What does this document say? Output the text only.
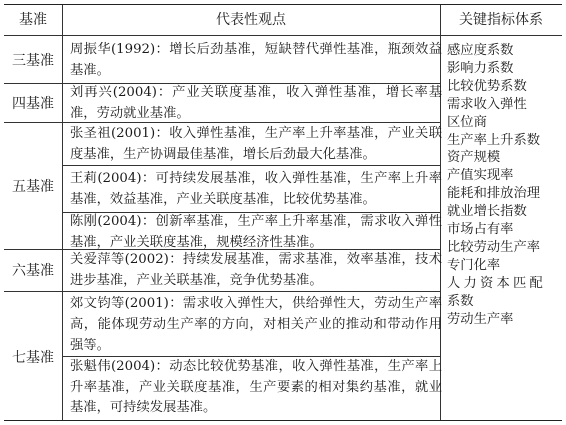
基准	代表性观点	关键指标体系
三基准
四基准
五基准
六基准
七基准
周振华(1992)：增长后劲基准，短缺替代弹性基准，瓶颈效益基准。
刘再兴(2004)：产业关联度基准，收入弹性基准，增长率基准，劳动就业基准。
张圣祖(2001)：收入弹性基准，生产率上升率基准，产业关联度基准，生产协调最佳基准，增长后劲最大化基准。
王莉(2004)：可持续发展基准，收入弹性基准，生产率上升率基准，效益基准，产业关联度基准，比较优势基准。
陈刚(2004)：创新率基准，生产率上升率基准，需求收入弹性基准，产业关联度基准，规模经济性基准。
关爱萍等(2002)：持续发展基准，需求基准，效率基准，技术进步基准，产业关联基准，竞争优势基准。
郊文钧等(2001)：需求收入弹性大，供给弹性大，劳动生产率高，能体现劳动生产率的方向，对相关产业的推动和带动作用强等。
张魁伟(2004)：动态比较优势基准，收入弹性基准，生产率上升率基准，产业关联度基准，生产要素的相对集约基准，就业基准，可持续发展基准。
感应度系数
影响力系数
比较优势系数
需求收入弹性
区位商
生产率上升系数
资产规模
产值实现率
能耗和排放治理
就业增长指数
市场占有率
比较劳动生产率
专门化率
人力资本匹配
系数
劳动生产率
